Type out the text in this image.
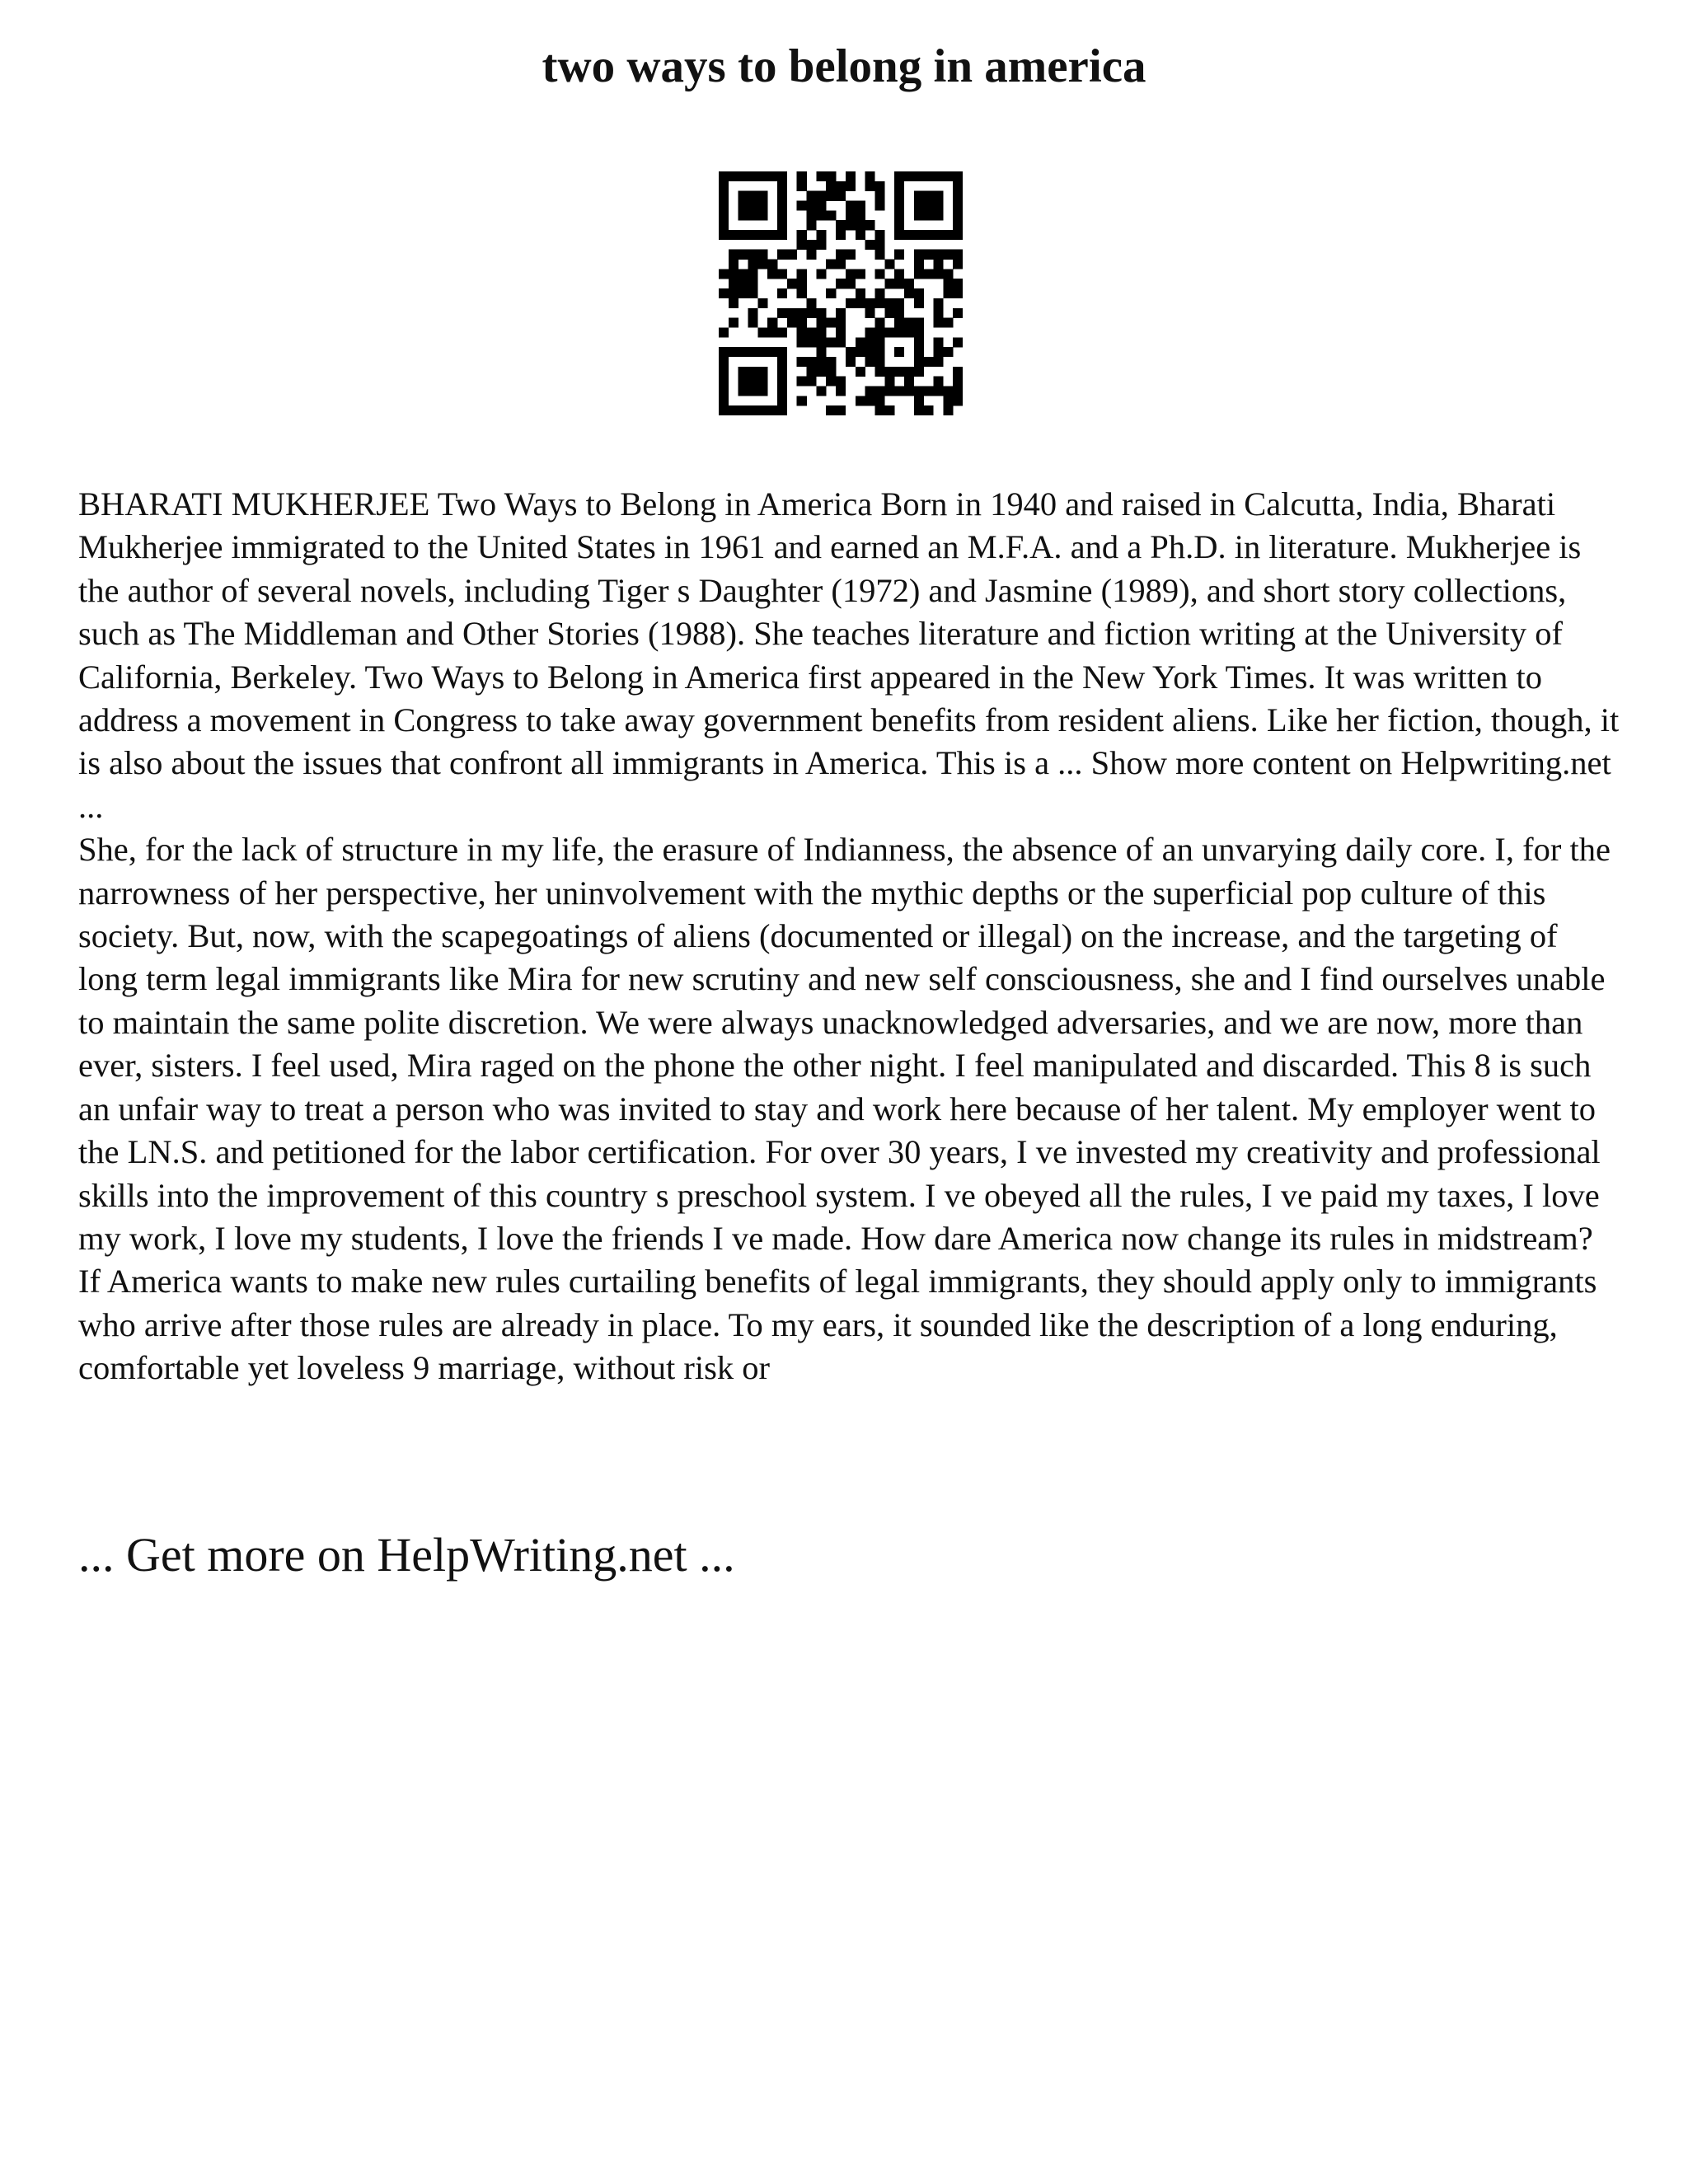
two ways to belong in america

BHARATI MUKHERJEE Two Ways to Belong in America Born in 1940 and raised in Calcutta, India, Bharati Mukherjee immigrated to the United States in 1961 and earned an M.F.A. and a Ph.D. in literature. Mukherjee is the author of several novels, including Tiger s Daughter (1972) and Jasmine (1989), and short story collections, such as The Middleman and Other Stories (1988). She teaches literature and fiction writing at the University of California, Berkeley. Two Ways to Belong in America first appeared in the New York Times. It was written to address a movement in Congress to take away government benefits from resident aliens. Like her fiction, though, it is also about the issues that confront all immigrants in America. This is a ... Show more content on Helpwriting.net ...

She, for the lack of structure in my life, the erasure of Indianness, the absence of an unvarying daily core. I, for the narrowness of her perspective, her uninvolvement with the mythic depths or the superficial pop culture of this society. But, now, with the scapegoatings of aliens (documented or illegal) on the increase, and the targeting of long term legal immigrants like Mira for new scrutiny and new self consciousness, she and I find ourselves unable to maintain the same polite discretion. We were always unacknowledged adversaries, and we are now, more than ever, sisters. I feel used, Mira raged on the phone the other night. I feel manipulated and discarded. This 8 is such an unfair way to treat a person who was invited to stay and work here because of her talent. My employer went to the LN.S. and petitioned for the labor certification. For over 30 years, I ve invested my creativity and professional skills into the improvement of this country s preschool system. I ve obeyed all the rules, I ve paid my taxes, I love my work, I love my students, I love the friends I ve made. How dare America now change its rules in midstream? If America wants to make new rules curtailing benefits of legal immigrants, they should apply only to immigrants who arrive after those rules are already in place. To my ears, it sounded like the description of a long enduring, comfortable yet loveless 9 marriage, without risk or

... Get more on HelpWriting.net ...
